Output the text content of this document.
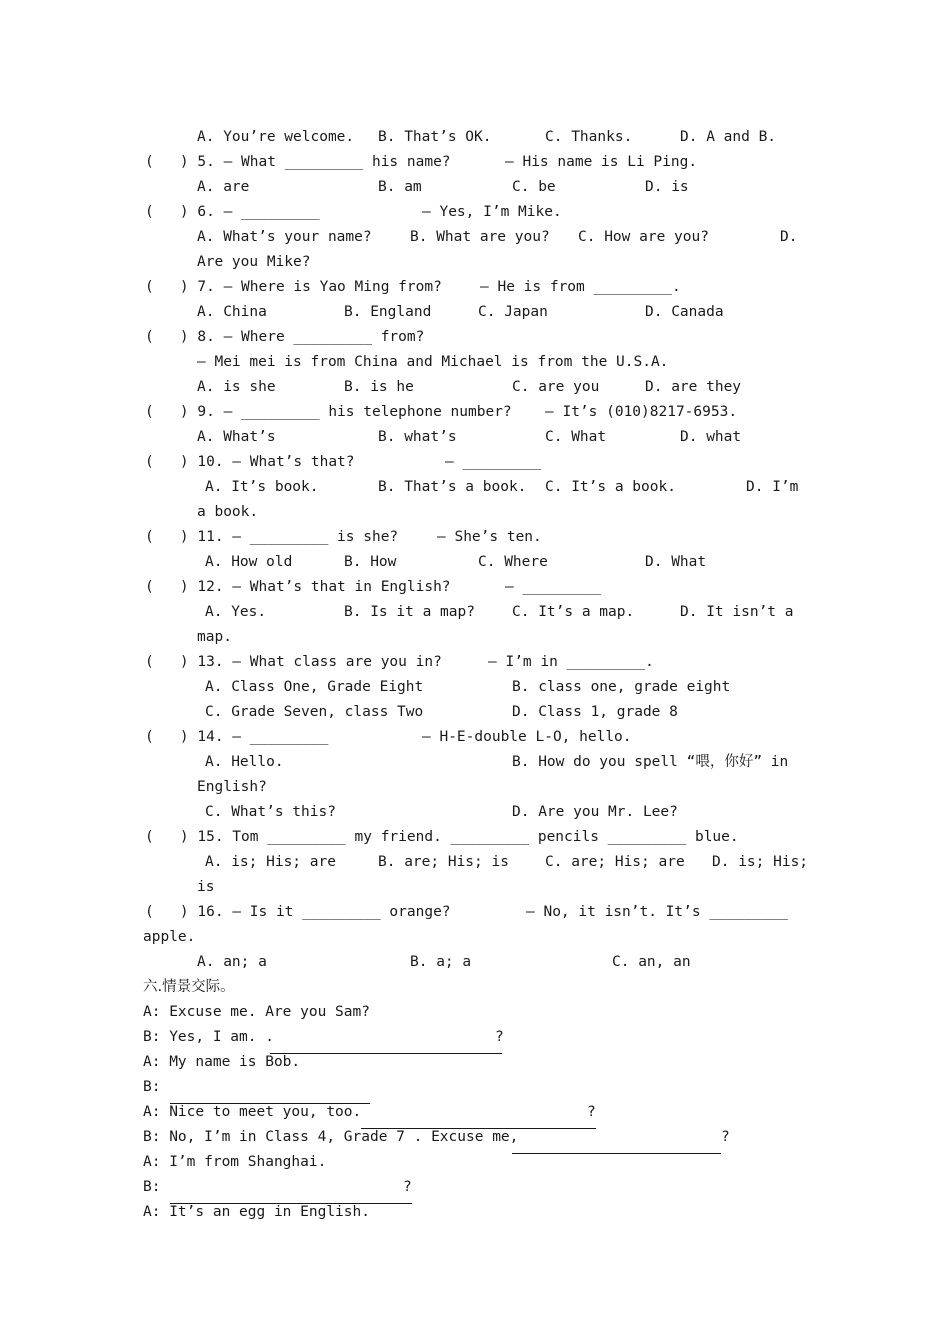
A. You’re welcome. B. That’s OK.	C. Thanks.	D. A and B.
(   ) 5. — What _________ his name?	— His name is Li Ping.
A. are	B. am	C. be	D. is
(   ) 6. — _________	— Yes, I’m Mike.
A. What’s your name?	B. What are you? C. How are you?	D.
Are you Mike?
(   ) 7. — Where is Yao Ming from?	— He is from _________.
A. China	B. England	C. Japan	D. Canada
(   ) 8. — Where _________ from?
— Mei mei is from China and Michael is from the U.S.A.
A. is she	B. is he	C. are you	D. are they
(   ) 9. — _________ his telephone number? — It’s (010)8217-6953.
A. What’s	B. what’s	C. What	D. what
(   ) 10. — What’s that?	— _________
A. It’s book.	B. That’s a book. C. It’s a book.	D. I’m
a book.
(   ) 11. — _________ is she?	— She’s ten.
A. How old	B. How	C. Where	D. What
(   ) 12. — What’s that in English?	— _________
A. Yes.	B. Is it a map?	C. It’s a map.	D. It isn’t a
map.
(   ) 13. — What class are you in?	— I’m in _________.
A. Class One, Grade Eight	B. class one, grade eight
C. Grade Seven, class Two	D. Class 1, grade 8
(   ) 14. — _________	— H-E-double L-O, hello.
A. Hello.	B. How do you spell “喂，你好” in
English?
C. What’s this?	D. Are you Mr. Lee?
(   ) 15. Tom _________ my friend. _________ pencils _________ blue.
A. is; His; are	B. are; His; is C. are; His; are D. is; His;
is
(   ) 16. — Is it _________ orange?	— No, it isn’t. It’s _________
apple.
A. an; a	B. a; a	C. an, an
六.情景交际。
A: Excuse me. Are you Sam?
B: Yes, I am. .	?
A: My name is Bob.
B:
A: Nice to meet you, too.	?
B: No, I’m in Class 4, Grade 7 . Excuse me,	?
A: I’m from Shanghai.
B:	?
A: It’s an egg in English.
